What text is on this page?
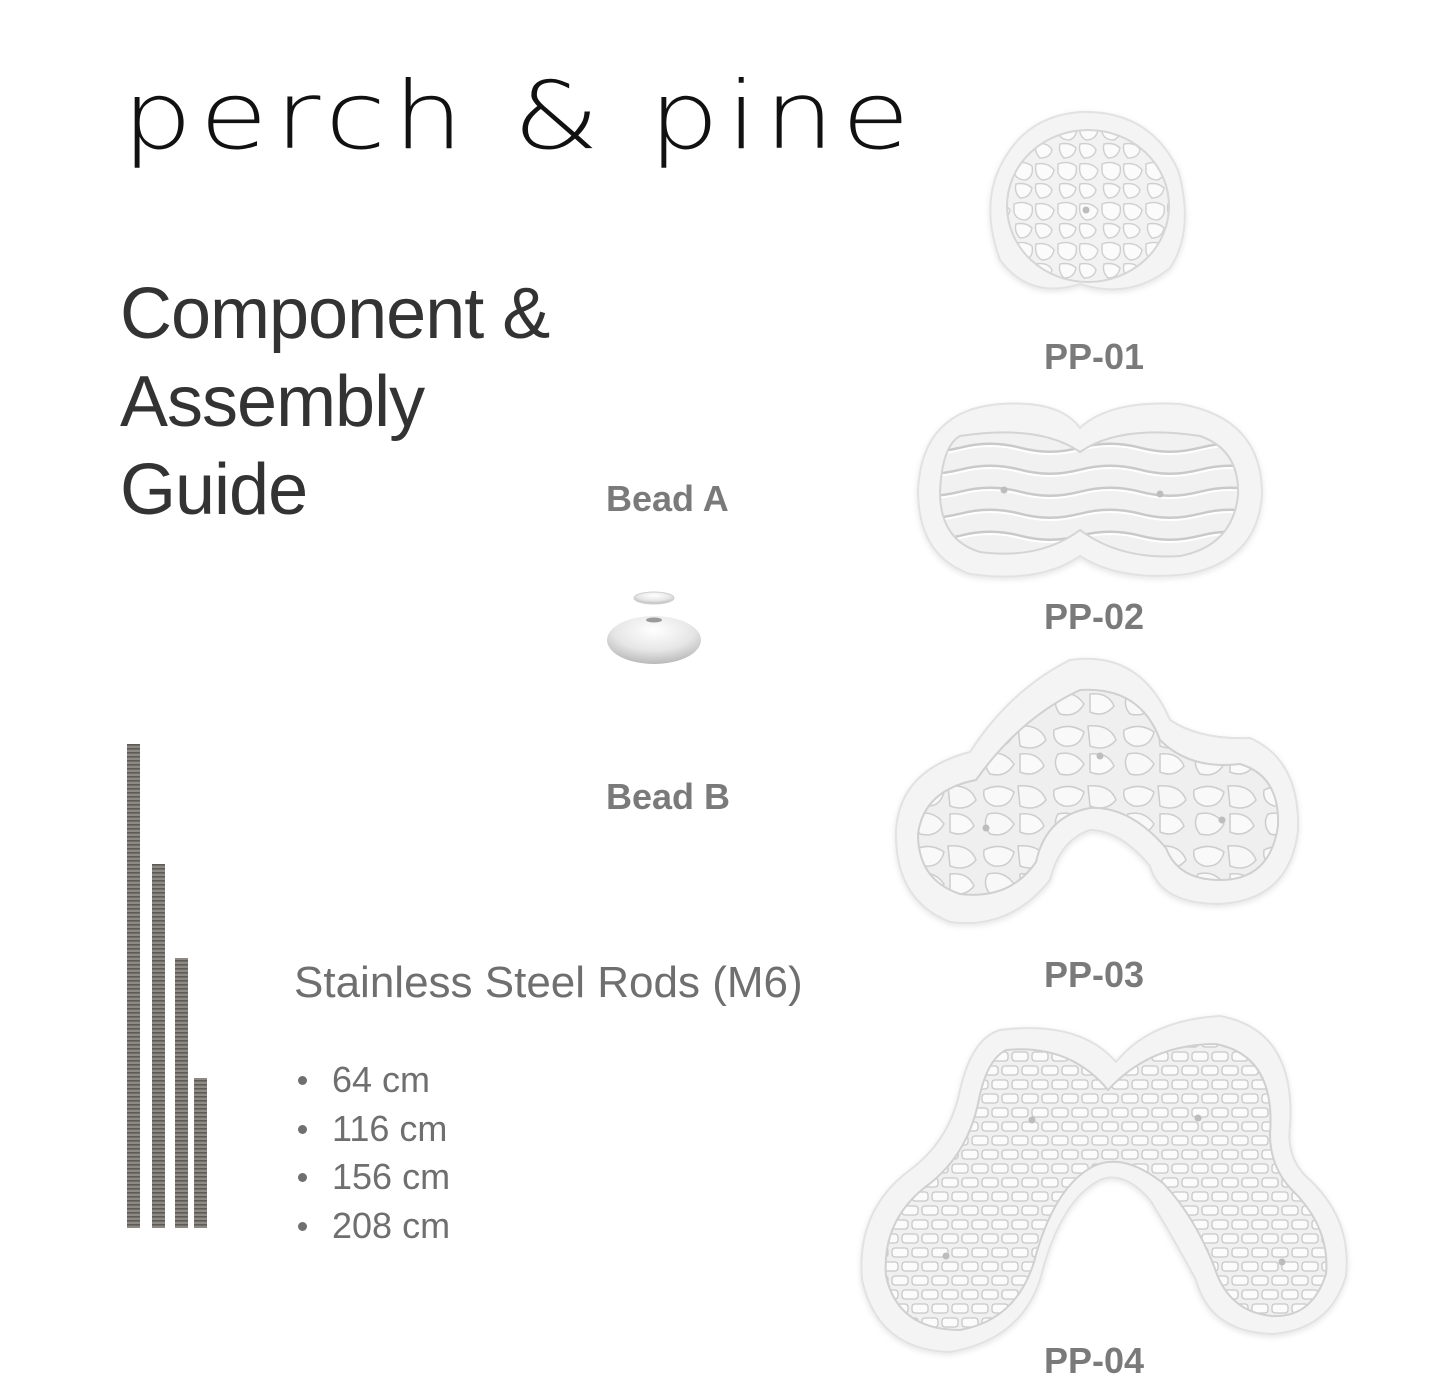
perch & pine
Component &
Assembly
Guide	Bead A
Bead B
Stainless Steel Rods (M6)
64 cm
116 cm
156 cm
208 cm
PP-01
PP-02
PP-03
PP-04
